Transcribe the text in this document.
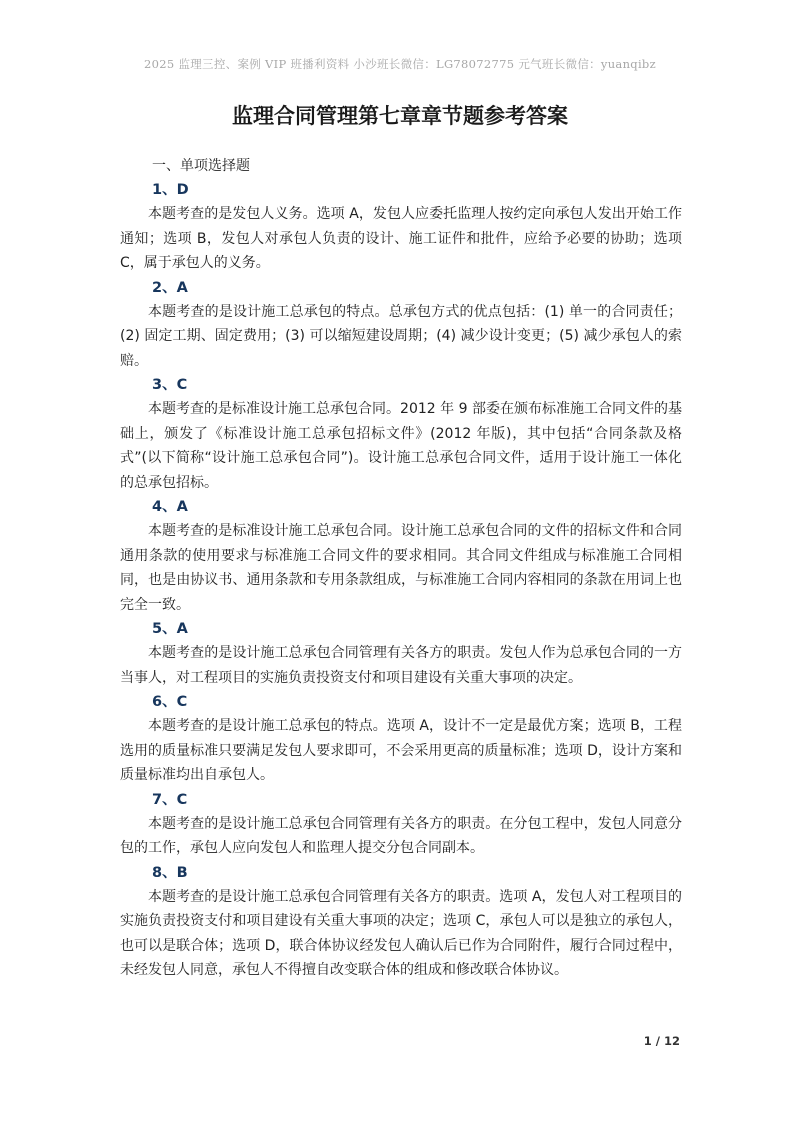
2025 监理三控、案例 VIP 班播利资料 小沙班长微信：LG78072775 元气班长微信：yuanqibz
监理合同管理第七章章节题参考答案
一、单项选择题
1、D

本题考查的是发包人义务。选项 A，发包人应委托监理人按约定向承包人发出开始工作通知；选项 B，发包人对承包人负责的设计、施工证件和批件，应给予必要的协助；选项 C，属于承包人的义务。

2、A

本题考查的是设计施工总承包的特点。总承包方式的优点包括：(1) 单一的合同责任；(2) 固定工期、固定费用；(3) 可以缩短建设周期；(4) 减少设计变更；(5) 减少承包人的索赔。

3、C

本题考查的是标准设计施工总承包合同。2012 年 9 部委在颁布标准施工合同文件的基础上，颁发了《标准设计施工总承包招标文件》(2012 年版)，其中包括“合同条款及格式”(以下简称“设计施工总承包合同”)。设计施工总承包合同文件，适用于设计施工一体化的总承包招标。

4、A

本题考查的是标准设计施工总承包合同。设计施工总承包合同的文件的招标文件和合同通用条款的使用要求与标准施工合同文件的要求相同。其合同文件组成与标准施工合同相同，也是由协议书、通用条款和专用条款组成，与标准施工合同内容相同的条款在用词上也完全一致。

5、A

本题考查的是设计施工总承包合同管理有关各方的职责。发包人作为总承包合同的一方当事人，对工程项目的实施负责投资支付和项目建设有关重大事项的决定。

6、C

本题考查的是设计施工总承包的特点。选项 A，设计不一定是最优方案；选项 B，工程选用的质量标准只要满足发包人要求即可，不会采用更高的质量标准；选项 D，设计方案和质量标准均出自承包人。

7、C

本题考查的是设计施工总承包合同管理有关各方的职责。在分包工程中，发包人同意分包的工作，承包人应向发包人和监理人提交分包合同副本。

8、B

本题考查的是设计施工总承包合同管理有关各方的职责。选项 A，发包人对工程项目的实施负责投资支付和项目建设有关重大事项的决定；选项 C，承包人可以是独立的承包人，也可以是联合体；选项 D，联合体协议经发包人确认后已作为合同附件，履行合同过程中，未经发包人同意，承包人不得擅自改变联合体的组成和修改联合体协议。

1 / 12
